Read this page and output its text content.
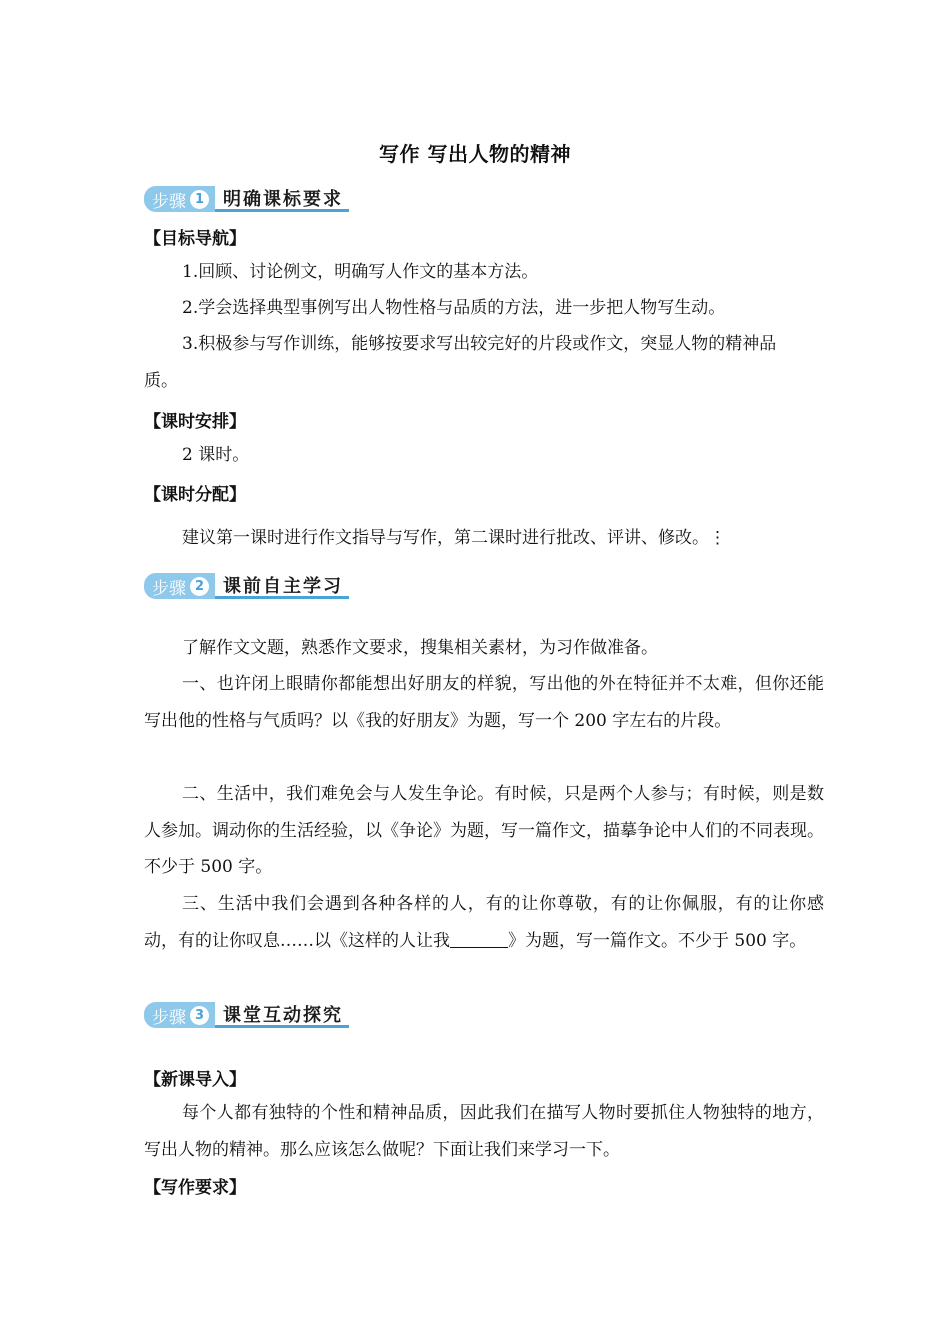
写作 写出人物的精神
步骤 1	明确课标要求
【目标导航】

1.回顾、讨论例文，明确写人作文的基本方法。

2.学会选择典型事例写出人物性格与品质的方法，进一步把人物写生动。

3.积极参与写作训练，能够按要求写出较完好的片段或作文，突显人物的精神品质。

【课时安排】

2 课时。

【课时分配】

建议第一课时进行作文指导与写作，第二课时进行批改、评讲、修改。⋮

步骤 2	课前自主学习

了解作文文题，熟悉作文要求，搜集相关素材，为习作做准备。

一、也许闭上眼睛你都能想出好朋友的样貌，写出他的外在特征并不太难，但你还能写出他的性格与气质吗？以《我的好朋友》为题，写一个 200 字左右的片段。

二、生活中，我们难免会与人发生争论。有时候，只是两个人参与；有时候，则是数人参加。调动你的生活经验，以《争论》为题，写一篇作文，描摹争论中人们的不同表现。不少于 500 字。

三、生活中我们会遇到各种各样的人，有的让你尊敬，有的让你佩服，有的让你感动，有的让你叹息……以《这样的人让我	》为题，写一篇作文。不少于 500 字。

步骤 3	课堂互动探究
【新课导入】

每个人都有独特的个性和精神品质，因此我们在描写人物时要抓住人物独特的地方，写出人物的精神。那么应该怎么做呢？下面让我们来学习一下。

【写作要求】
